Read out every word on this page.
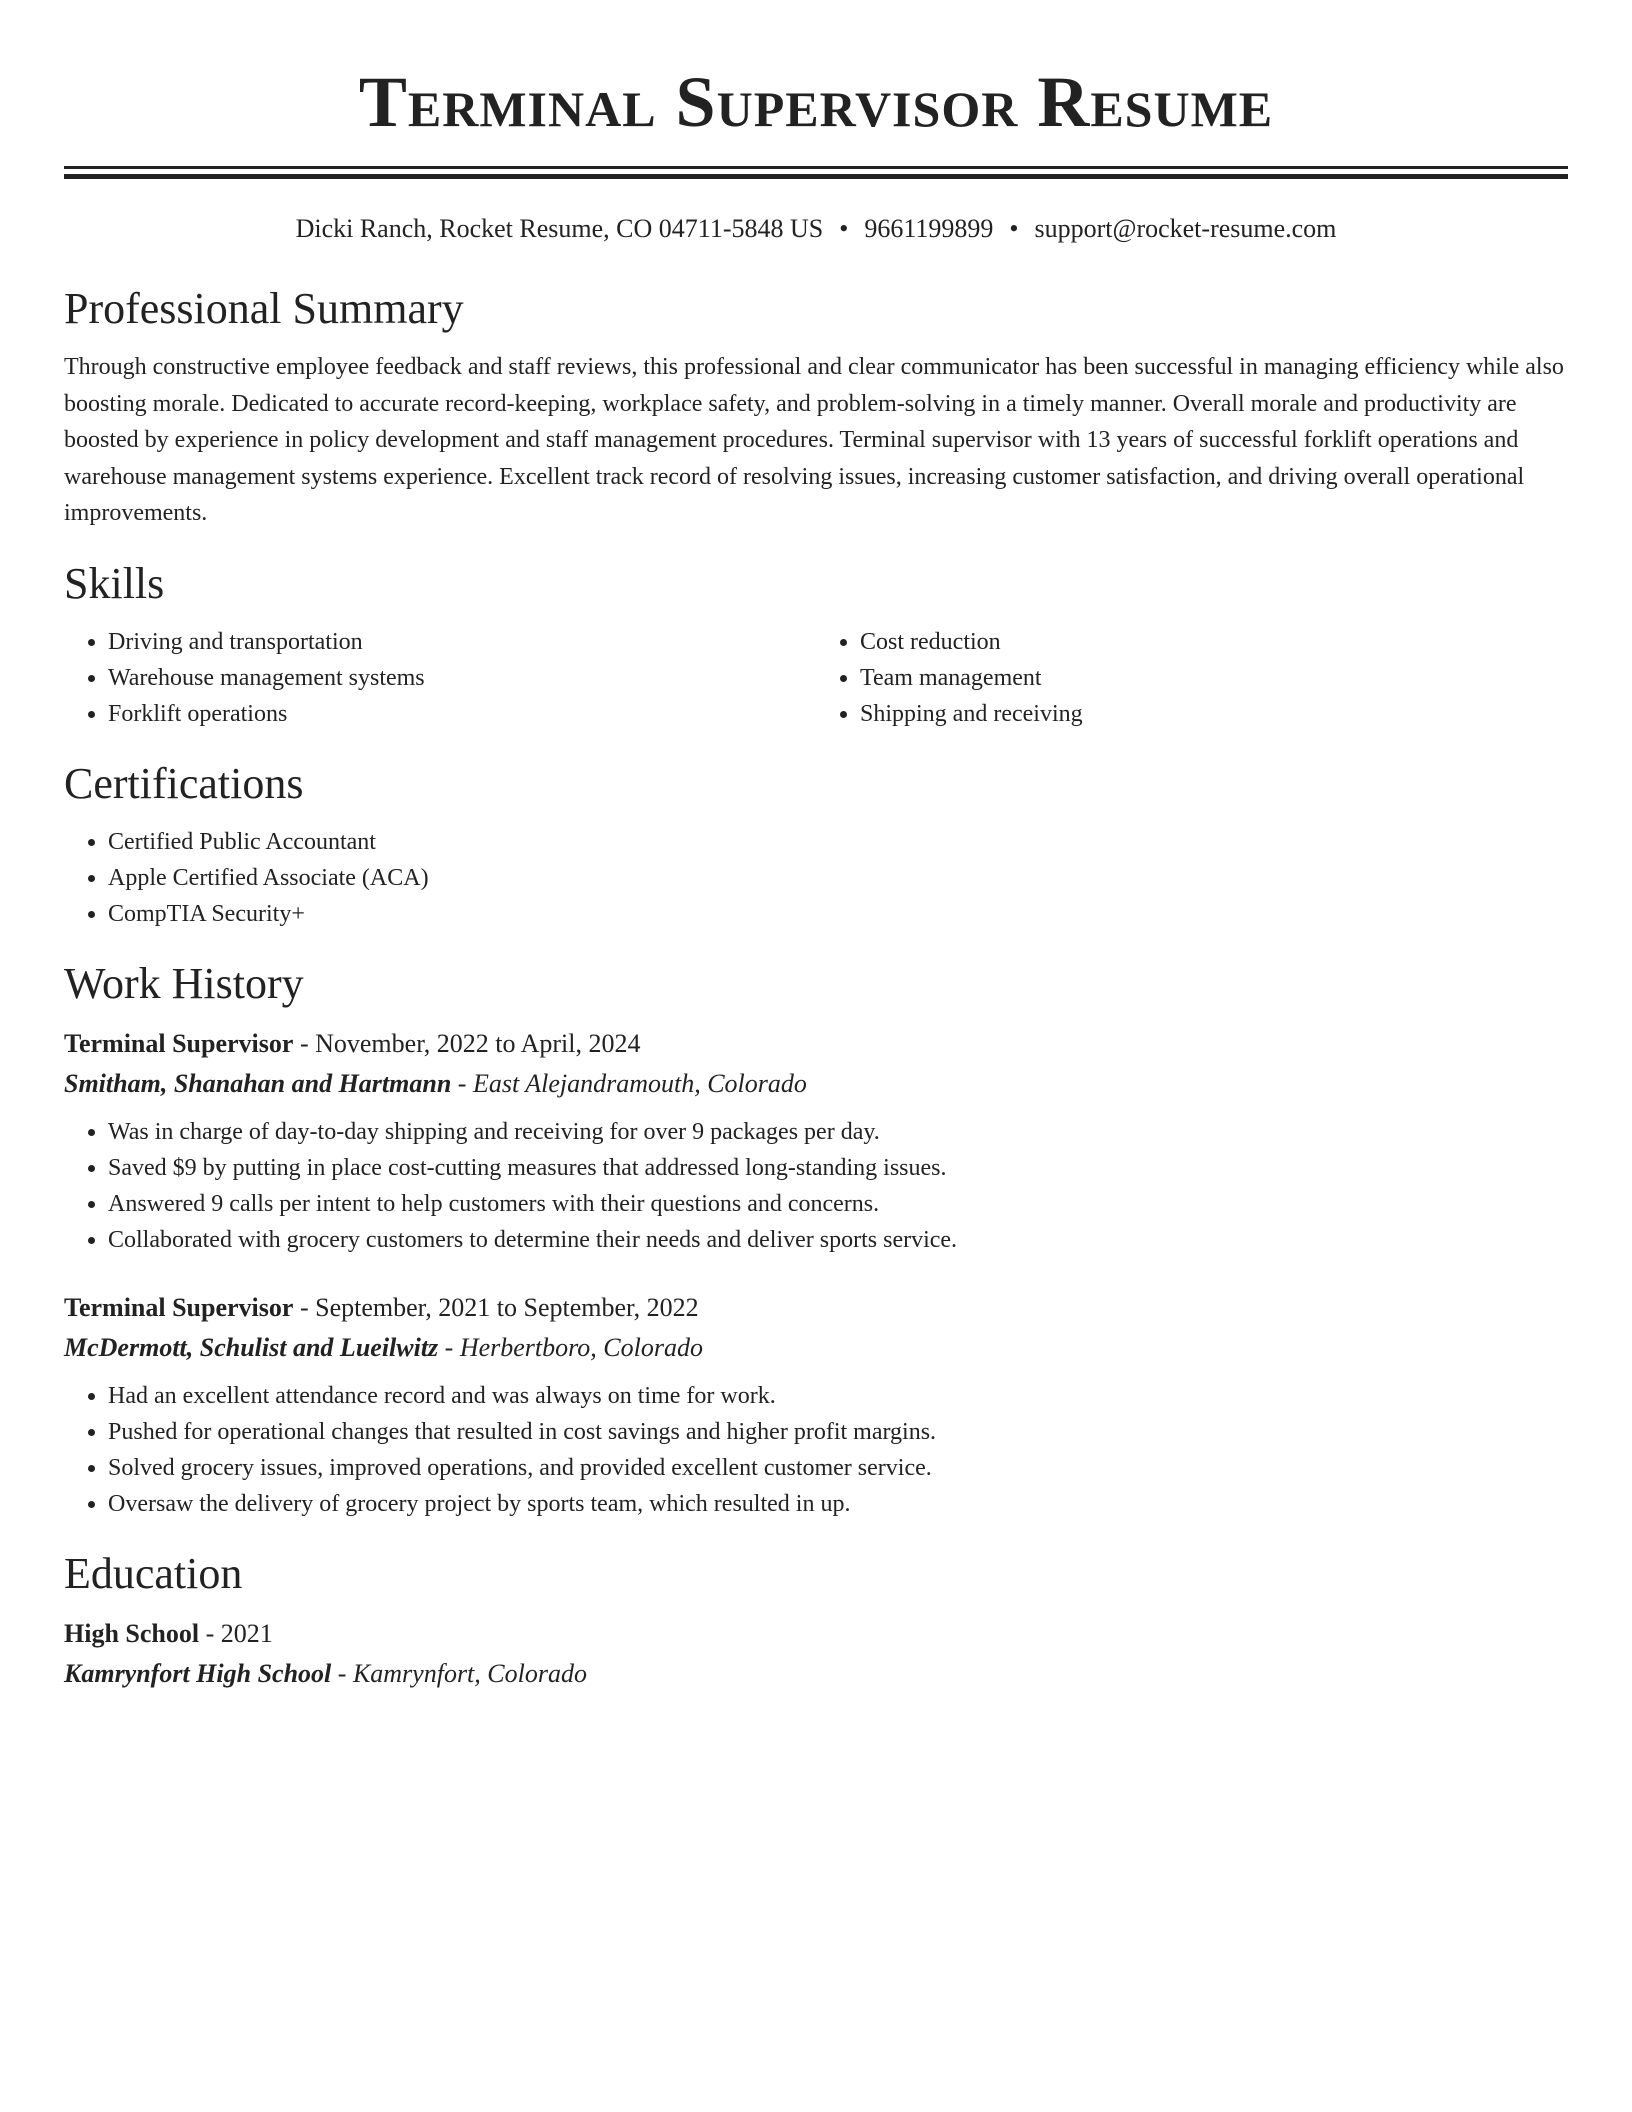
Terminal Supervisor Resume
Dicki Ranch, Rocket Resume, CO 04711-5848 US • 9661199899 • support@rocket-resume.com
Professional Summary
Through constructive employee feedback and staff reviews, this professional and clear communicator has been successful in managing efficiency while also boosting morale. Dedicated to accurate record-keeping, workplace safety, and problem-solving in a timely manner. Overall morale and productivity are boosted by experience in policy development and staff management procedures. Terminal supervisor with 13 years of successful forklift operations and warehouse management systems experience. Excellent track record of resolving issues, increasing customer satisfaction, and driving overall operational improvements.
Skills
• Driving and transportation
• Warehouse management systems
• Forklift operations
• Cost reduction
• Team management
• Shipping and receiving
Certifications
• Certified Public Accountant
• Apple Certified Associate (ACA)
• CompTIA Security+
Work History
Terminal Supervisor - November, 2022 to April, 2024
Smitham, Shanahan and Hartmann - East Alejandramouth, Colorado
• Was in charge of day-to-day shipping and receiving for over 9 packages per day.
• Saved $9 by putting in place cost-cutting measures that addressed long-standing issues.
• Answered 9 calls per intent to help customers with their questions and concerns.
• Collaborated with grocery customers to determine their needs and deliver sports service.
Terminal Supervisor - September, 2021 to September, 2022
McDermott, Schulist and Lueilwitz - Herbertboro, Colorado
• Had an excellent attendance record and was always on time for work.
• Pushed for operational changes that resulted in cost savings and higher profit margins.
• Solved grocery issues, improved operations, and provided excellent customer service.
• Oversaw the delivery of grocery project by sports team, which resulted in up.
Education
High School - 2021
Kamrynfort High School - Kamrynfort, Colorado
